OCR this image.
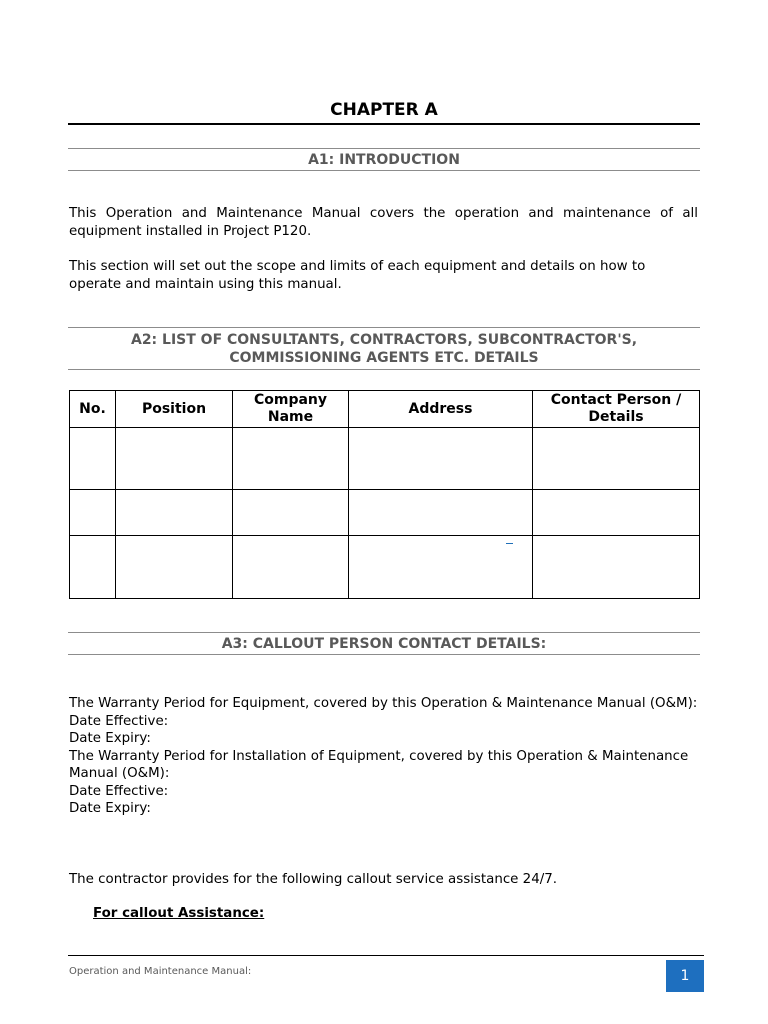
CHAPTER A
A1: INTRODUCTION

This Operation and Maintenance Manual covers the operation and maintenance of all equipment installed in Project P120.

This section will set out the scope and limits of each equipment and details on how to operate and maintain using this manual.

A2: LIST OF CONSULTANTS, CONTRACTORS, SUBCONTRACTOR'S,
COMMISSIONING AGENTS ETC. DETAILS
No.	Position	Company Name	Address	Contact Person / Details

A3: CALLOUT PERSON CONTACT DETAILS:

The Warranty Period for Equipment, covered by this Operation & Maintenance Manual (O&M):

Date Effective:

Date Expiry:

The Warranty Period for Installation of Equipment, covered by this Operation & Maintenance Manual (O&M):

Date Effective:

Date Expiry:

The contractor provides for the following callout service assistance 24/7.

For callout Assistance:
Operation and Maintenance Manual:	1
